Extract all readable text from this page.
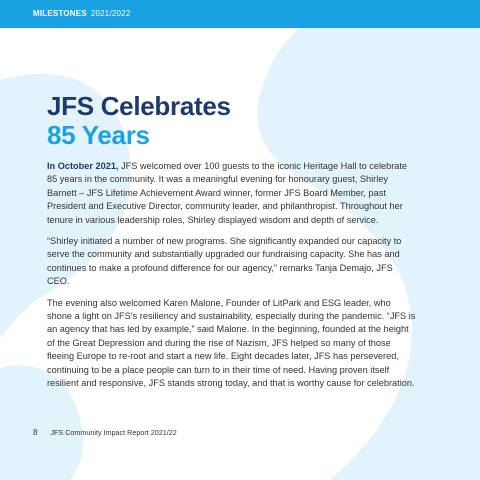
MILESTONES 2021/2022
JFS Celebrates
85 Years

In October 2021, JFS welcomed over 100 guests to the iconic Heritage Hall to celebrate 85 years in the community. It was a meaningful evening for honourary guest, Shirley Barnett – JFS Lifetime Achievement Award winner, former JFS Board Member, past President and Executive Director, community leader, and philanthropist. Throughout her tenure in various leadership roles, Shirley displayed wisdom and depth of service.

“Shirley initiated a number of new programs. She significantly expanded our capacity to serve the community and substantially upgraded our fundraising capacity. She has and continues to make a profound difference for our agency,” remarks Tanja Demajo, JFS CEO.

The evening also welcomed Karen Malone, Founder of LitPark and ESG leader, who shone a light on JFS’s resiliency and sustainability, especially during the pandemic. “JFS is an agency that has led by example,” said Malone. In the beginning, founded at the height of the Great Depression and during the rise of Nazism, JFS helped so many of those fleeing Europe to re-root and start a new life. Eight decades later, JFS has persevered, continuing to be a place people can turn to in their time of need. Having proven itself resilient and responsive, JFS stands strong today, and that is worthy cause for celebration.

8 JFS Community Impact Report 2021/22
